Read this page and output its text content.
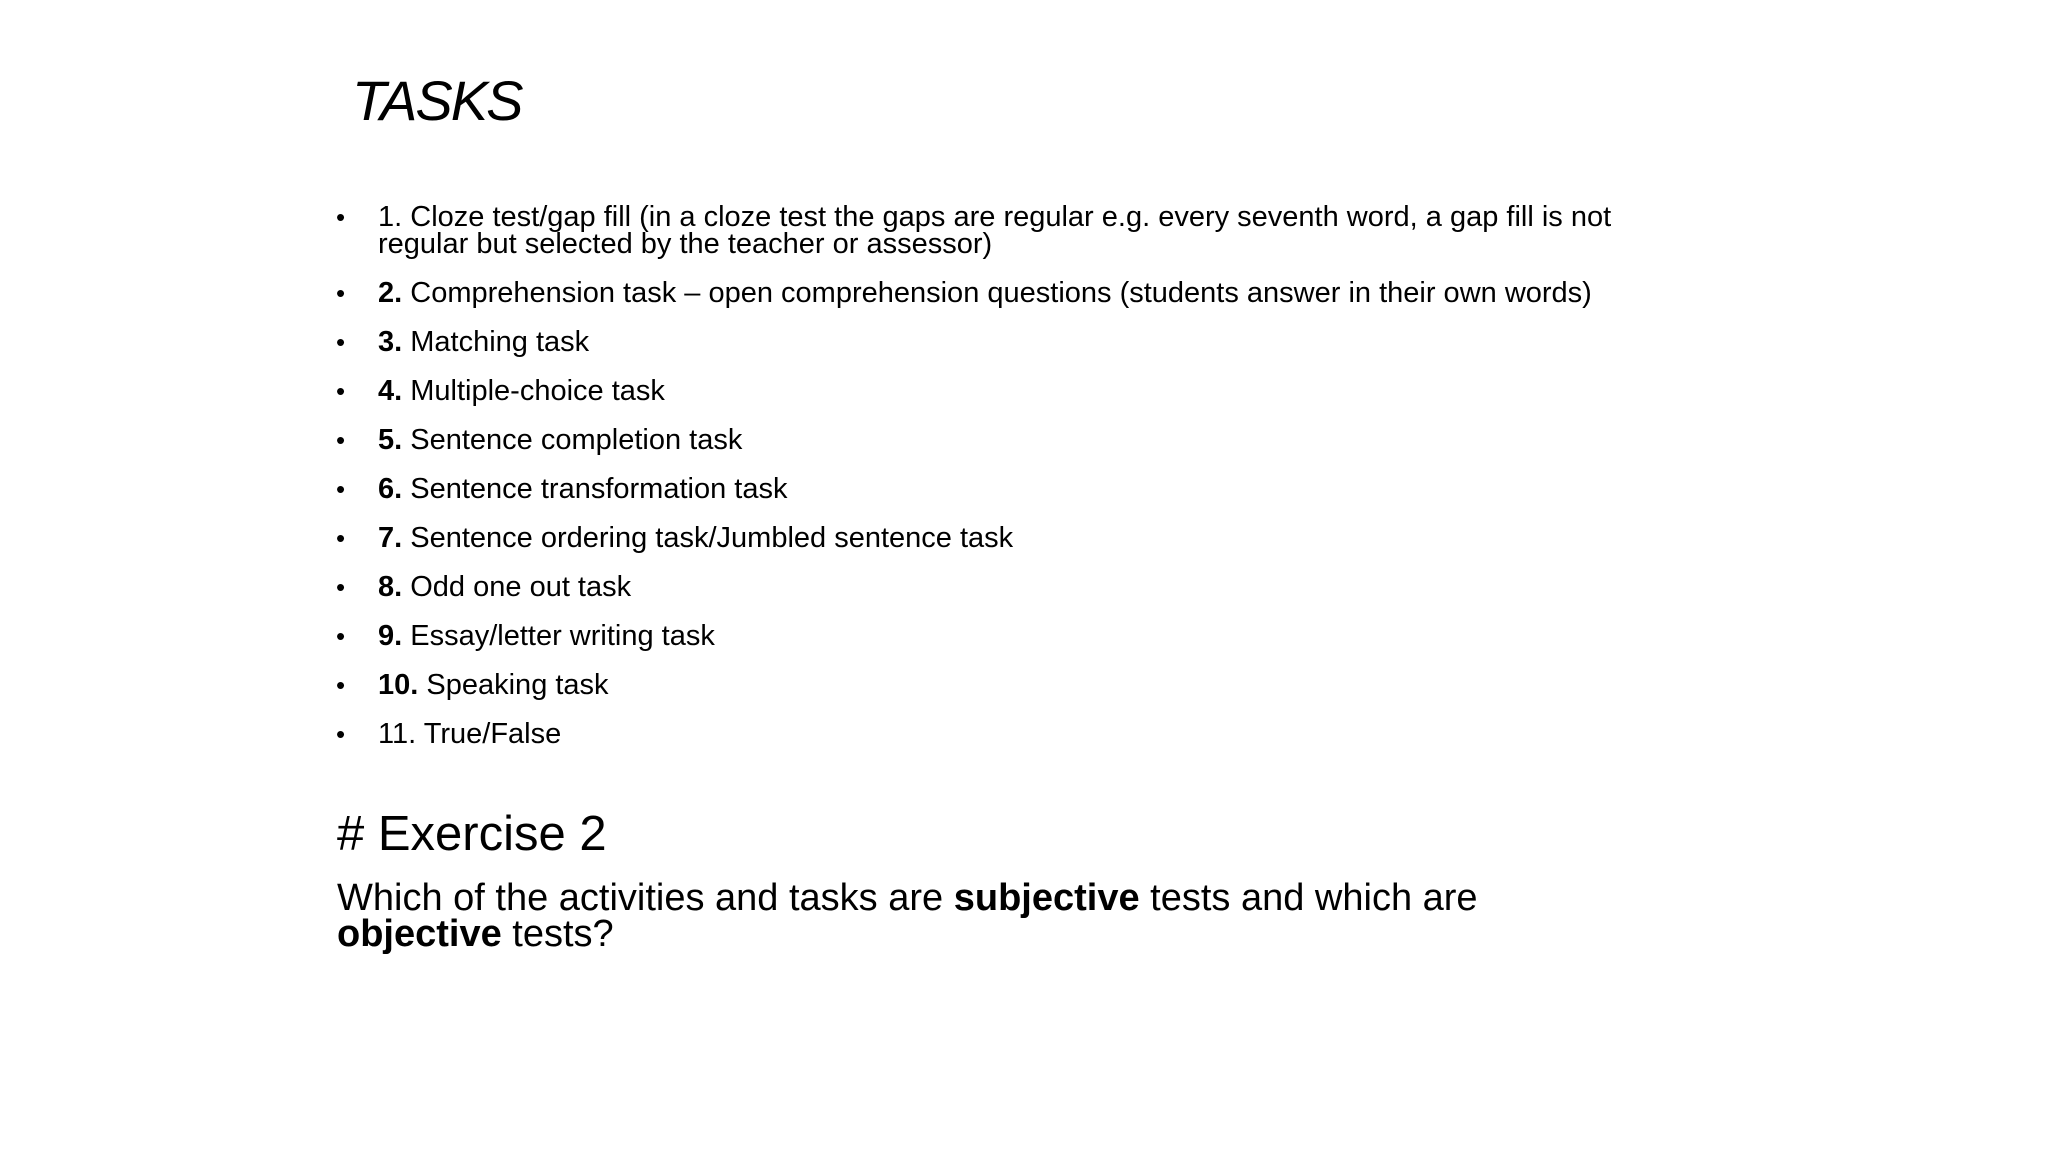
TASKS
• 1. Cloze test/gap fill (in a cloze test the gaps are regular e.g. every seventh word, a gap fill is not regular but selected by the teacher or assessor)
• 2. Comprehension task – open comprehension questions (students answer in their own words)
• 3. Matching task
• 4. Multiple-choice task
• 5. Sentence completion task
• 6. Sentence transformation task
• 7. Sentence ordering task/Jumbled sentence task
• 8. Odd one out task
• 9. Essay/letter writing task
• 10. Speaking task
• 11. True/False
# Exercise 2

Which of the activities and tasks are subjective tests and which are
objective tests?
